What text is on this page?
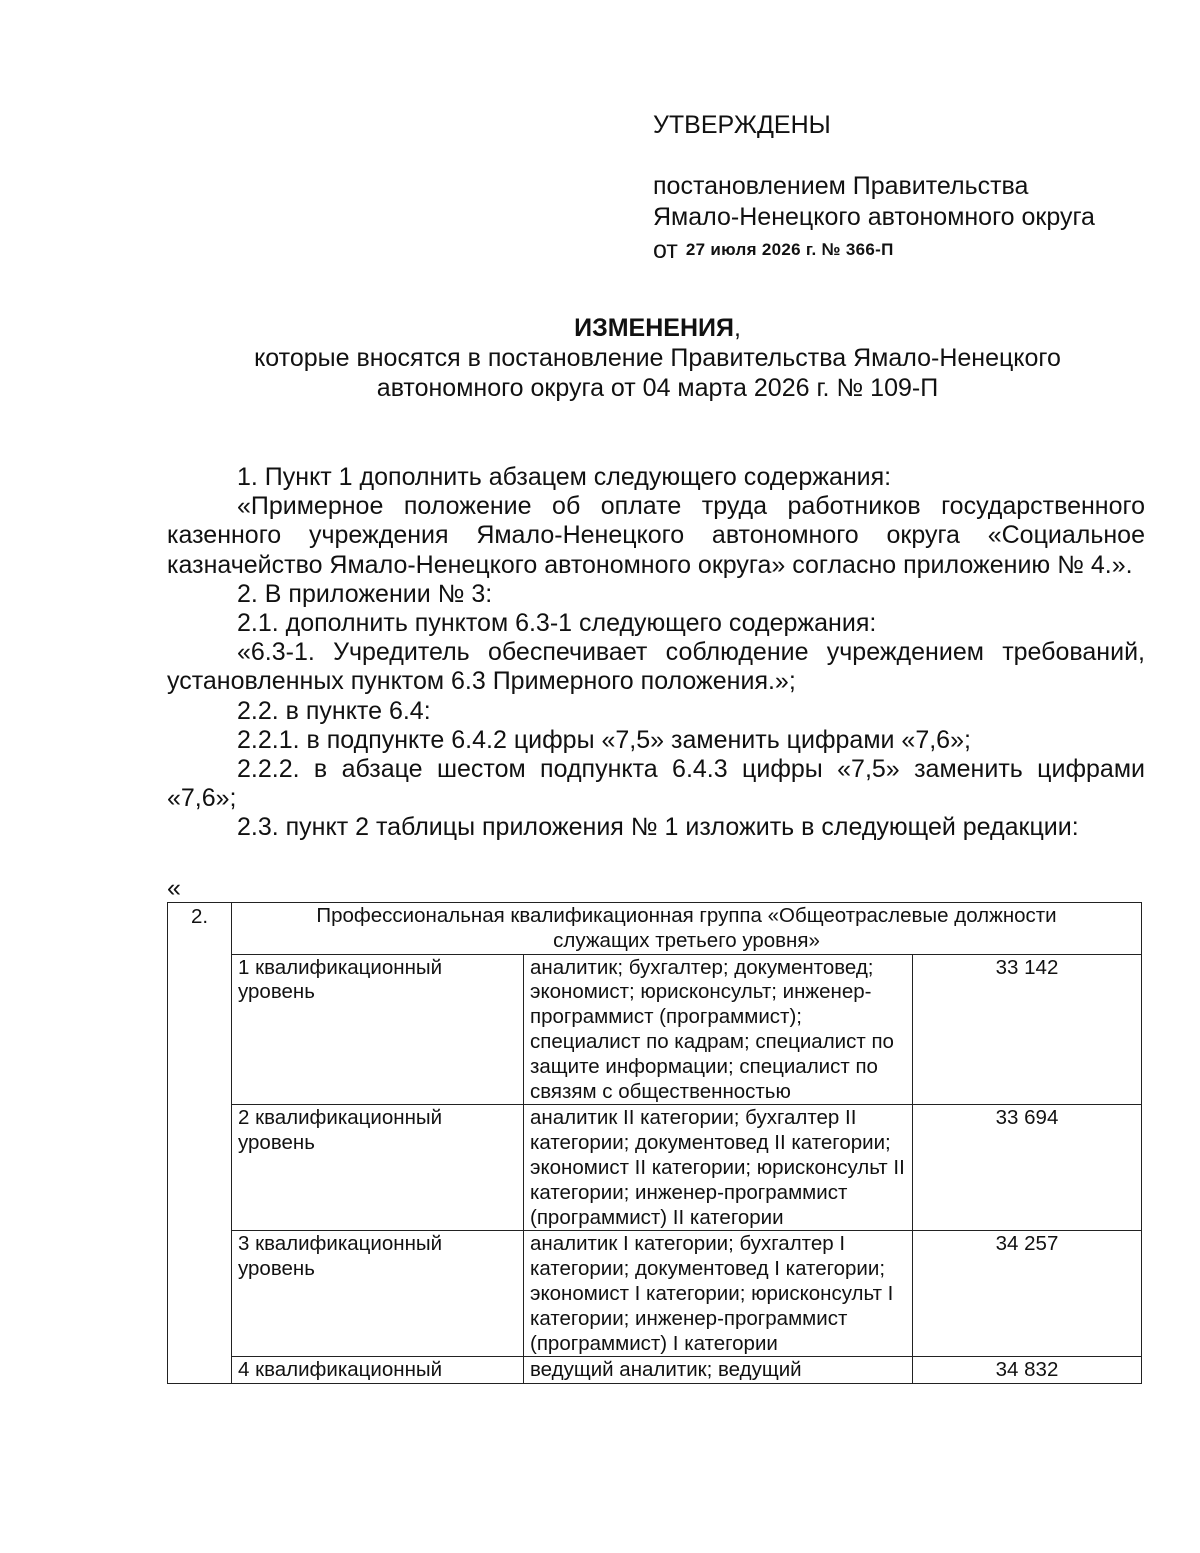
УТВЕРЖДЕНЫ
постановлением Правительства
Ямало-Ненецкого автономного округа
от 27 июля 2026 г. № 366-П
ИЗМЕНЕНИЯ,
которые вносятся в постановление Правительства Ямало-Ненецкого
автономного округа от 04 марта 2026 г. № 109-П

1. Пункт 1 дополнить абзацем следующего содержания:

«Примерное положение об оплате труда работников государственного казенного учреждения Ямало-Ненецкого автономного округа «Социальное казначейство Ямало-Ненецкого автономного округа» согласно приложению № 4.».

2. В приложении № 3:

2.1. дополнить пунктом 6.3-1 следующего содержания:

«6.3-1. Учредитель обеспечивает соблюдение учреждением требований, установленных пунктом 6.3 Примерного положения.»;

2.2. в пункте 6.4:

2.2.1. в подпункте 6.4.2 цифры «7,5» заменить цифрами «7,6»;

2.2.2. в абзаце шестом подпункта 6.4.3 цифры «7,5» заменить цифрами «7,6»;

2.3. пункт 2 таблицы приложения № 1 изложить в следующей редакции:

«
2.	Профессиональная квалификационная группа «Общеотраслевые должности
служащих третьего уровня»		

	1 квалификационный уровень	аналитик; бухгалтер; документовед; экономист; юрисконсульт; инженер-программист (программист); специалист по кадрам; специалист по защите информации; специалист по связям с общественностью	33 142
	2 квалификационный уровень	аналитик II категории; бухгалтер II категории; документовед II категории; экономист II категории; юрисконсульт II категории; инженер-программист (программист) II категории	33 694
	3 квалификационный уровень	аналитик I категории; бухгалтер I категории; документовед I категории; экономист I категории; юрисконсульт I категории; инженер-программист (программист) I категории	34 257
	4 квалификационный	ведущий аналитик; ведущий	34 832
